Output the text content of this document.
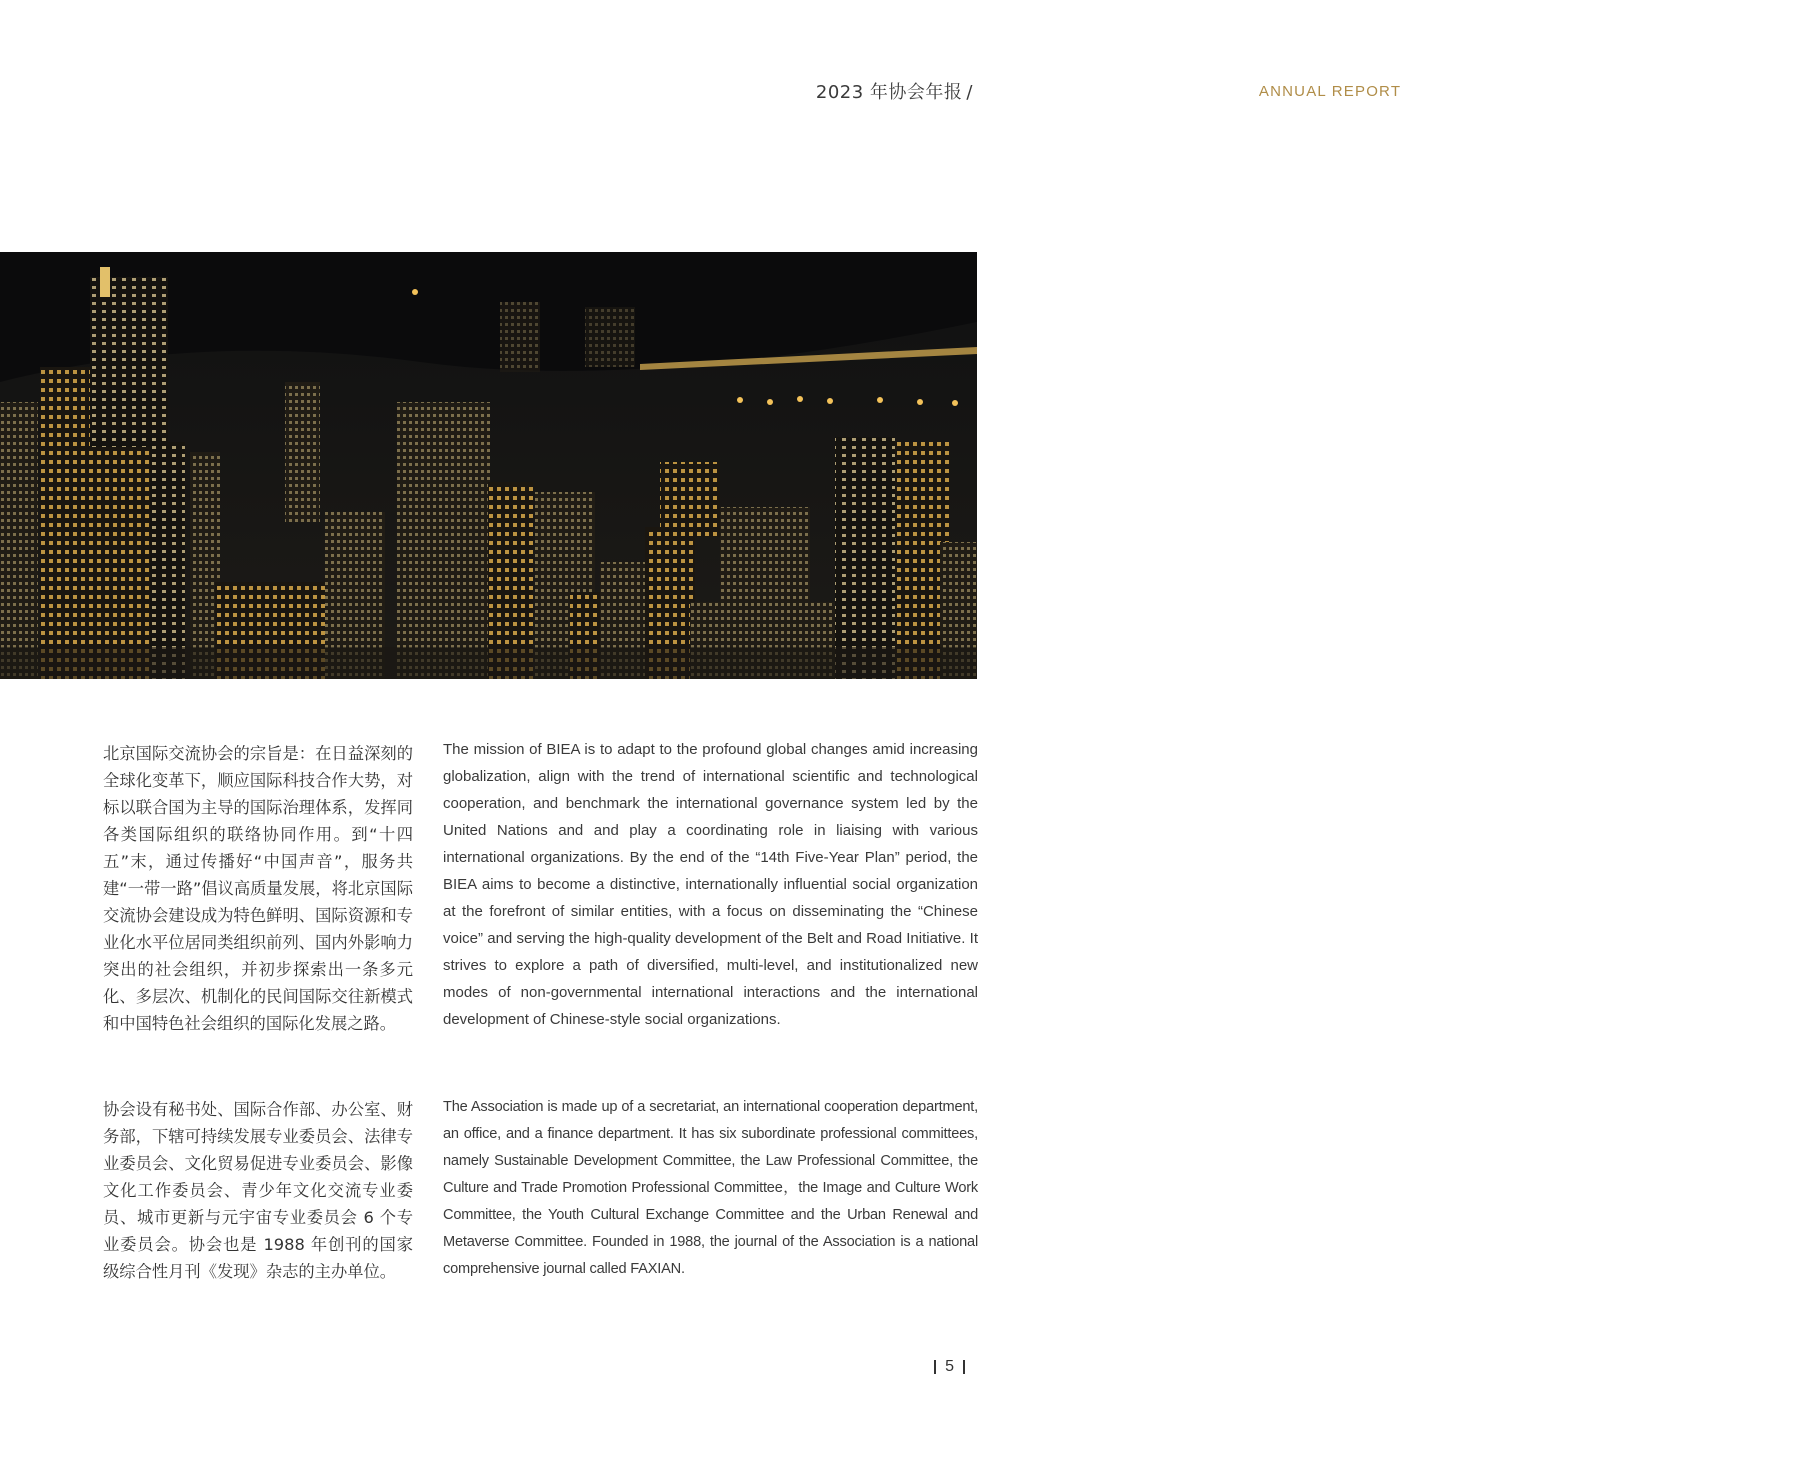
2023 年协会年报 /	ANNUAL REPORT
北京国际交流协会的宗旨是：在日益深刻的全球化变革下，顺应国际科技合作大势，对标以联合国为主导的国际治理体系，发挥同各类国际组织的联络协同作用。到“十四五”末，通过传播好“中国声音”，服务共建“一带一路”倡议高质量发展，将北京国际交流协会建设成为特色鲜明、国际资源和专业化水平位居同类组织前列、国内外影响力突出的社会组织，并初步探索出一条多元化、多层次、机制化的民间国际交往新模式和中国特色社会组织的国际化发展之路。
The mission of BIEA is to adapt to the profound global changes amid increasing globalization, align with the trend of international scientific and technological cooperation, and benchmark the international governance system led by the United Nations and and play a coordinating role in liaising with various international organizations. By the end of the “14th Five-Year Plan” period, the BIEA aims to become a distinctive, internationally influential social organization at the forefront of similar entities, with a focus on disseminating the “Chinese voice” and serving the high-quality development of the Belt and Road Initiative. It strives to explore a path of diversified, multi-level, and institutionalized new modes of non-governmental international interactions and the international development of Chinese-style social organizations.
协会设有秘书处、国际合作部、办公室、财务部，下辖可持续发展专业委员会、法律专业委员会、文化贸易促进专业委员会、影像文化工作委员会、青少年文化交流专业委员、城市更新与元宇宙专业委员会 6 个专业委员会。协会也是 1988 年创刊的国家级综合性月刊《发现》杂志的主办单位。
The Association is made up of a secretariat, an international cooperation department, an office, and a finance department. It has six subordinate professional committees, namely Sustainable Development Committee, the Law Professional Committee, the Culture and Trade Promotion Professional Committee，the Image and Culture Work Committee, the Youth Cultural Exchange Committee and the Urban Renewal and Metaverse Committee. Founded in 1988, the journal of the Association is a national comprehensive journal called FAXIAN.
5
